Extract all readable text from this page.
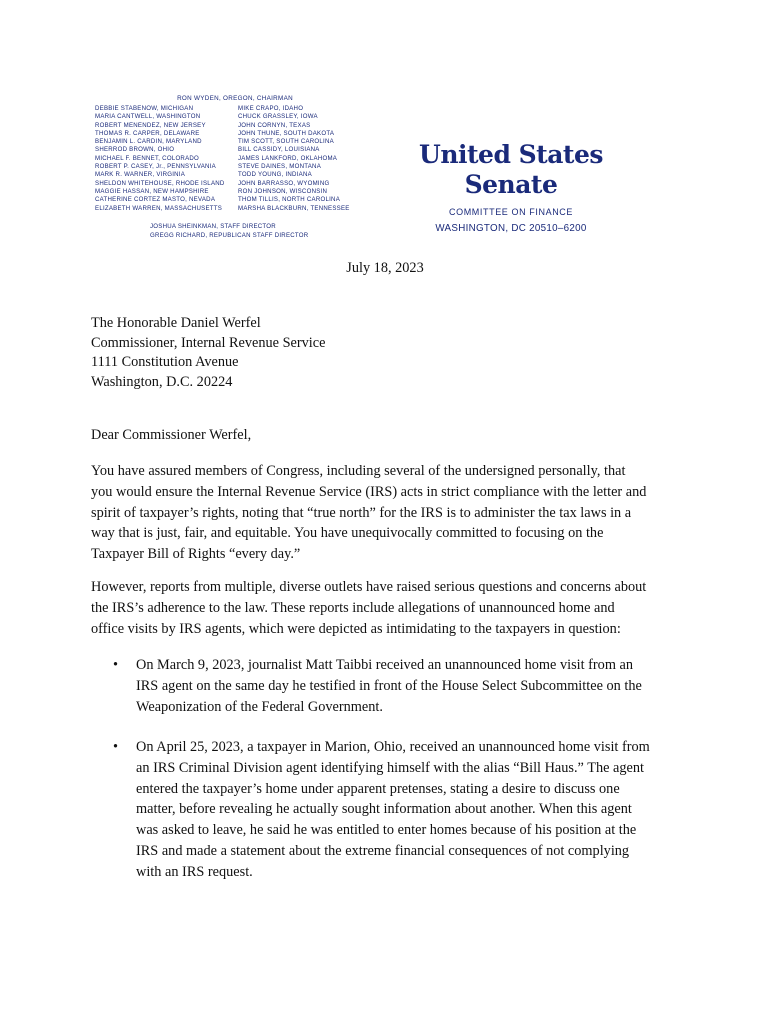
RON WYDEN, OREGON, CHAIRMAN
DEBBIE STABENOW, MICHIGAN
MARIA CANTWELL, WASHINGTON
ROBERT MENENDEZ, NEW JERSEY
THOMAS R. CARPER, DELAWARE
BENJAMIN L. CARDIN, MARYLAND
SHERROD BROWN, OHIO
MICHAEL F. BENNET, COLORADO
ROBERT P. CASEY, Jr., PENNSYLVANIA
MARK R. WARNER, VIRGINIA
SHELDON WHITEHOUSE, RHODE ISLAND
MAGGIE HASSAN, NEW HAMPSHIRE
CATHERINE CORTEZ MASTO, NEVADA
ELIZABETH WARREN, MASSACHUSETTS
MIKE CRAPO, IDAHO
CHUCK GRASSLEY, IOWA
JOHN CORNYN, TEXAS
JOHN THUNE, SOUTH DAKOTA
TIM SCOTT, SOUTH CAROLINA
BILL CASSIDY, LOUISIANA
JAMES LANKFORD, OKLAHOMA
STEVE DAINES, MONTANA
TODD YOUNG, INDIANA
JOHN BARRASSO, WYOMING
RON JOHNSON, WISCONSIN
THOM TILLIS, NORTH CAROLINA
MARSHA BLACKBURN, TENNESSEE
JOSHUA SHEINKMAN, STAFF DIRECTOR
GREGG RICHARD, REPUBLICAN STAFF DIRECTOR
United States Senate
COMMITTEE ON FINANCE
WASHINGTON, DC 20510–6200
July 18, 2023
The Honorable Daniel Werfel
Commissioner, Internal Revenue Service
1111 Constitution Avenue
Washington, D.C. 20224
Dear Commissioner Werfel,
You have assured members of Congress, including several of the undersigned personally, that
you would ensure the Internal Revenue Service (IRS) acts in strict compliance with the letter and
spirit of taxpayer’s rights, noting that “true north” for the IRS is to administer the tax laws in a
way that is just, fair, and equitable. You have unequivocally committed to focusing on the
Taxpayer Bill of Rights “every day.”
However, reports from multiple, diverse outlets have raised serious questions and concerns about
the IRS’s adherence to the law. These reports include allegations of unannounced home and
office visits by IRS agents, which were depicted as intimidating to the taxpayers in question:
• On March 9, 2023, journalist Matt Taibbi received an unannounced home visit from an
IRS agent on the same day he testified in front of the House Select Subcommittee on the
Weaponization of the Federal Government.
• On April 25, 2023, a taxpayer in Marion, Ohio, received an unannounced home visit from
an IRS Criminal Division agent identifying himself with the alias “Bill Haus.” The agent
entered the taxpayer’s home under apparent pretenses, stating a desire to discuss one
matter, before revealing he actually sought information about another. When this agent
was asked to leave, he said he was entitled to enter homes because of his position at the
IRS and made a statement about the extreme financial consequences of not complying
with an IRS request.
